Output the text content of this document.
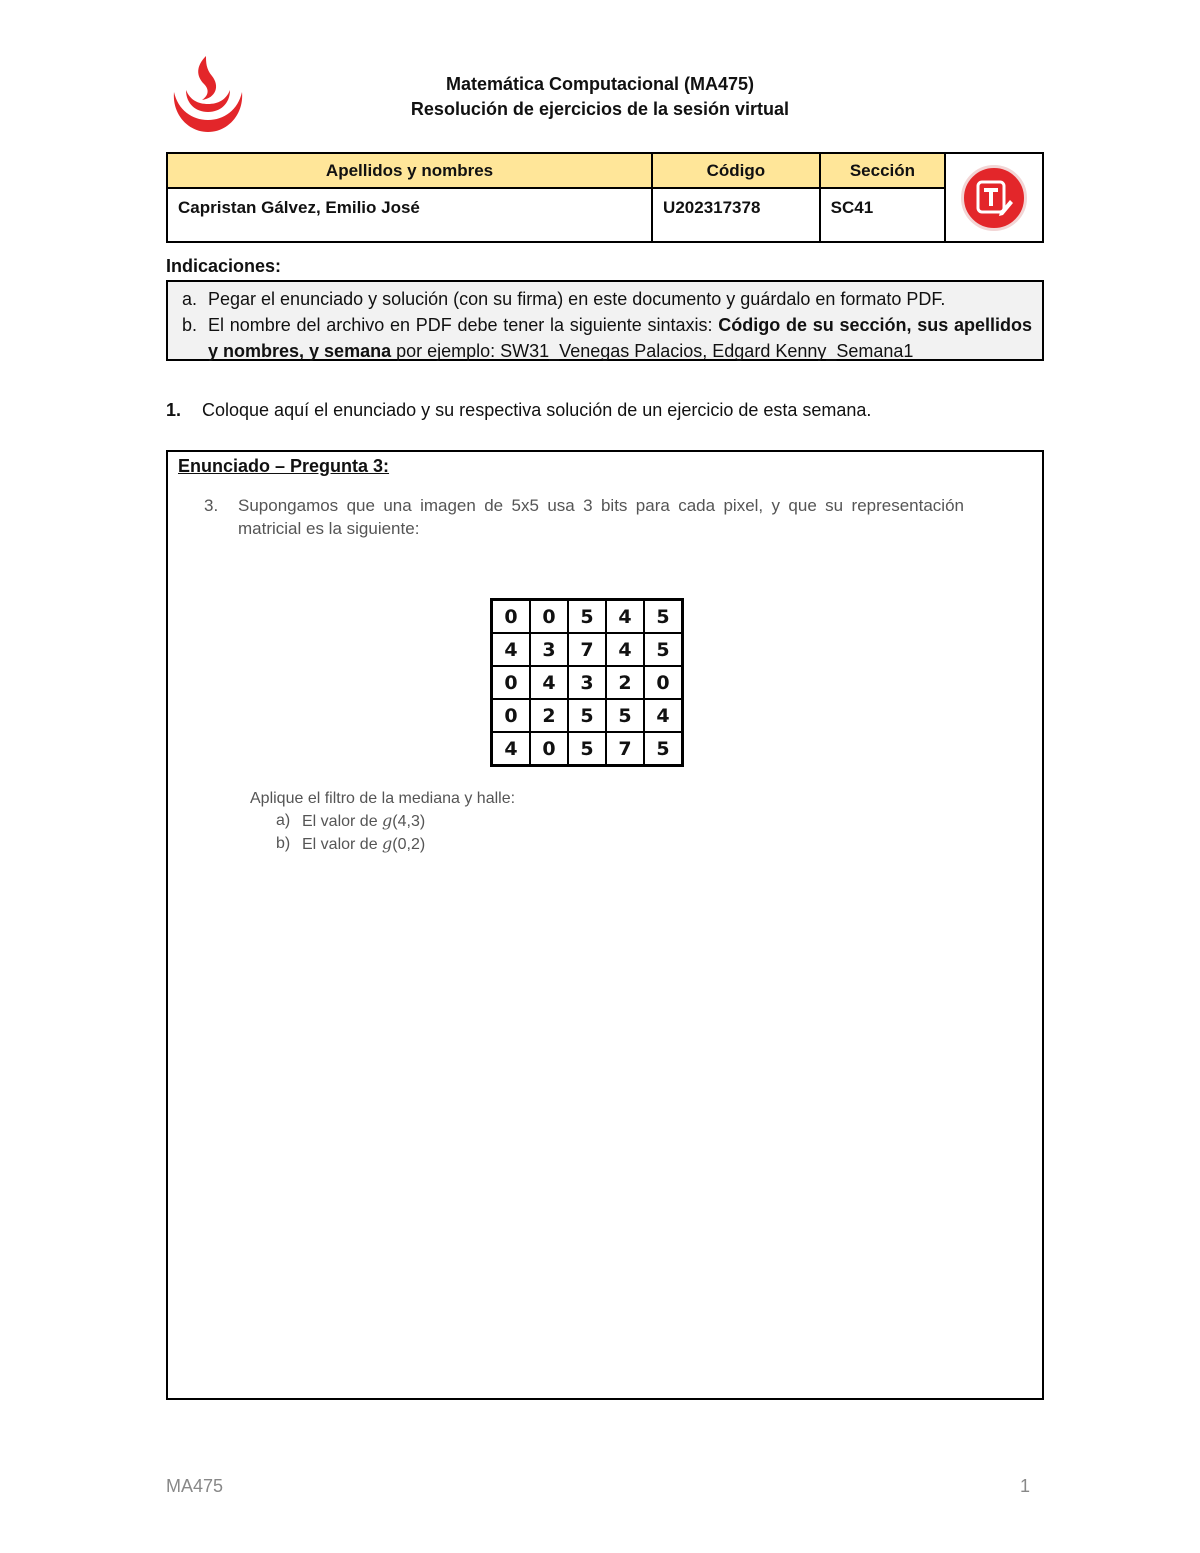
Matemática Computacional (MA475)
Resolución de ejercicios de la sesión virtual
Apellidos y nombres	Código	Sección	

Capristan Gálvez, Emilio José	U202317378	SC41	
Indicaciones:
a. Pegar el enunciado y solución (con su firma) en este documento y guárdalo en formato PDF.
b. El nombre del archivo en PDF debe tener la siguiente sintaxis: Código de su sección, sus apellidos y nombres, y semana por ejemplo: SW31_Venegas Palacios, Edgard Kenny_Semana1
1.	Coloque aquí el enunciado y su respectiva solución de un ejercicio de esta semana.
Enunciado – Pregunta 3:
3.	Supongamos que una imagen de 5x5 usa 3 bits para cada pixel, y que su representación matricial es la siguiente:
0	0	5	4	5
4	3	7	4	5
0	4	3	2	0
0	2	5	5	4
4	0	5	7	5
Aplique el filtro de la mediana y halle:
a) El valor de g(4,3)
b) El valor de g(0,2)
MA475	1
